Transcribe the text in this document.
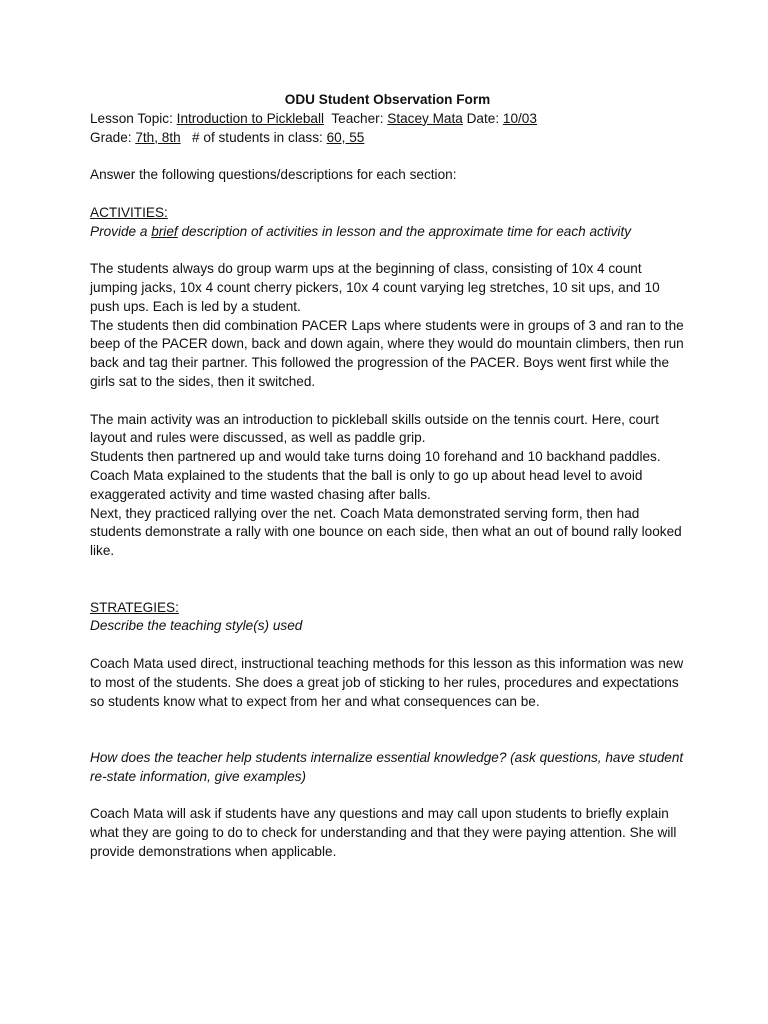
ODU Student Observation Form

Lesson Topic: Introduction to Pickleball Teacher: Stacey Mata Date: 10/03

Grade: 7th, 8th # of students in class: 60, 55

Answer the following questions/descriptions for each section:

ACTIVITIES:

Provide a brief description of activities in lesson and the approximate time for each activity

The students always do group warm ups at the beginning of class, consisting of 10x 4 count jumping jacks, 10x 4 count cherry pickers, 10x 4 count varying leg stretches, 10 sit ups, and 10 push ups. Each is led by a student.

The students then did combination PACER Laps where students were in groups of 3 and ran to the beep of the PACER down, back and down again, where they would do mountain climbers, then run back and tag their partner. This followed the progression of the PACER. Boys went first while the girls sat to the sides, then it switched.

The main activity was an introduction to pickleball skills outside on the tennis court. Here, court layout and rules were discussed, as well as paddle grip.

Students then partnered up and would take turns doing 10 forehand and 10 backhand paddles. Coach Mata explained to the students that the ball is only to go up about head level to avoid exaggerated activity and time wasted chasing after balls.

Next, they practiced rallying over the net. Coach Mata demonstrated serving form, then had students demonstrate a rally with one bounce on each side, then what an out of bound rally looked like.

STRATEGIES:

Describe the teaching style(s) used

Coach Mata used direct, instructional teaching methods for this lesson as this information was new to most of the students. She does a great job of sticking to her rules, procedures and expectations so students know what to expect from her and what consequences can be.

How does the teacher help students internalize essential knowledge? (ask questions, have student re-state information, give examples)

Coach Mata will ask if students have any questions and may call upon students to briefly explain what they are going to do to check for understanding and that they were paying attention. She will provide demonstrations when applicable.
